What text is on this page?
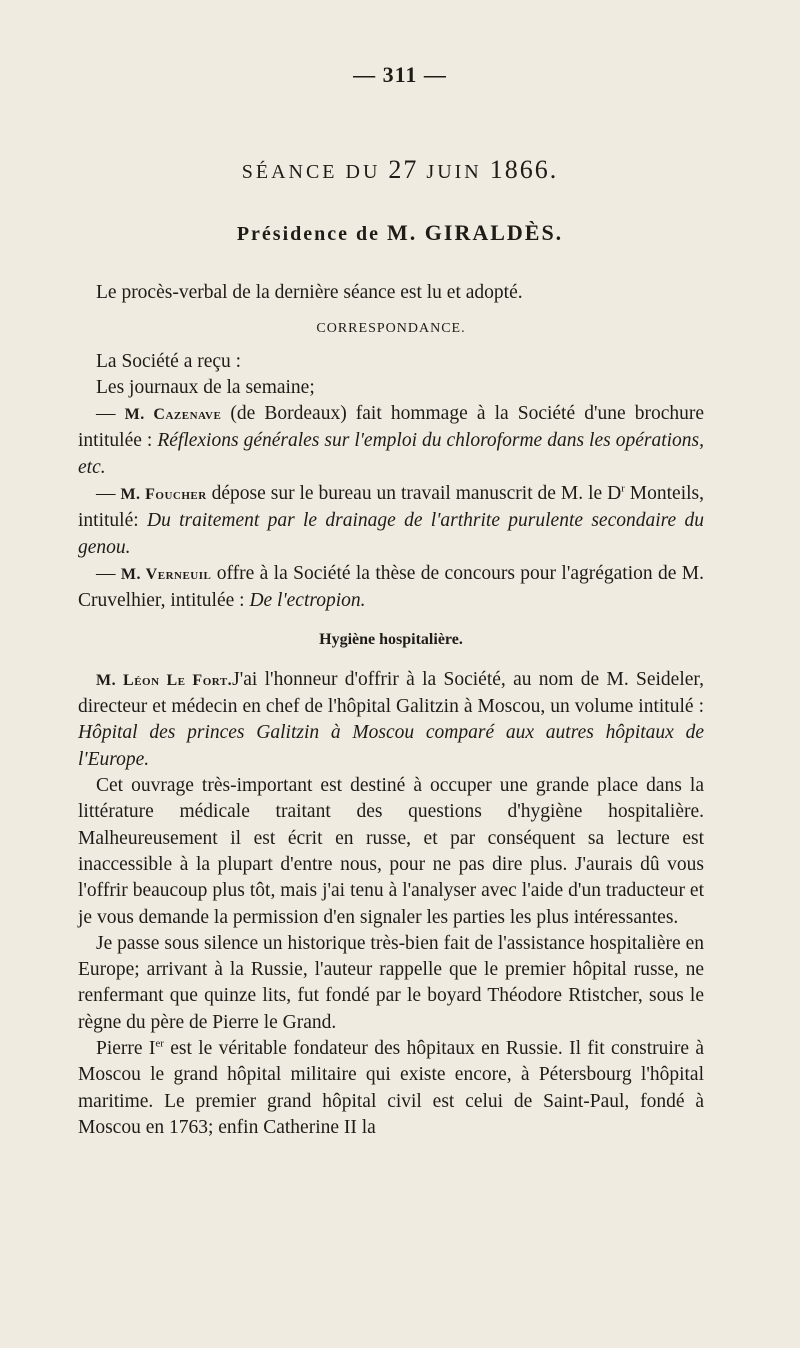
— 311 —
SÉANCE DU 27 JUIN 1866.
Présidence de M. GIRALDÈS.

Le procès-verbal de la dernière séance est lu et adopté.

CORRESPONDANCE.

La Société a reçu :

Les journaux de la semaine;

— M. Cazenave (de Bordeaux) fait hommage à la Société d'une brochure intitulée : Réflexions générales sur l'emploi du chloroforme dans les opérations, etc.

— M. Foucher dépose sur le bureau un travail manuscrit de M. le $D^r$ Monteils, intitulé: Du traitement par le drainage de l'arthrite purulente secondaire du genou.

— M. Verneuil offre à la Société la thèse de concours pour l'agrégation de M. Cruvelhier, intitulée : De l'ectropion.

Hygiène hospitalière.

M. Léon Le Fort.J'ai l'honneur d'offrir à la Société, au nom de M. Seideler, directeur et médecin en chef de l'hôpital Galitzin à Moscou, un volume intitulé : Hôpital des princes Galitzin à Moscou comparé aux autres hôpitaux de l'Europe.

Cet ouvrage très-important est destiné à occuper une grande place dans la littérature médicale traitant des questions d'hygiène hospitalière. Malheureusement il est écrit en russe, et par conséquent sa lecture est inaccessible à la plupart d'entre nous, pour ne pas dire plus. J'aurais dû vous l'offrir beaucoup plus tôt, mais j'ai tenu à l'analyser avec l'aide d'un traducteur et je vous demande la permission d'en signaler les parties les plus intéressantes.

Je passe sous silence un historique très-bien fait de l'assistance hospitalière en Europe; arrivant à la Russie, l'auteur rappelle que le premier hôpital russe, ne renfermant que quinze lits, fut fondé par le boyard Théodore Rtistcher, sous le règne du père de Pierre le Grand.

Pierre Ier est le véritable fondateur des hôpitaux en Russie. Il fit construire à Moscou le grand hôpital militaire qui existe encore, à Pétersbourg l'hôpital maritime. Le premier grand hôpital civil est celui de Saint-Paul, fondé à Moscou en 1763; enfin Catherine II la
